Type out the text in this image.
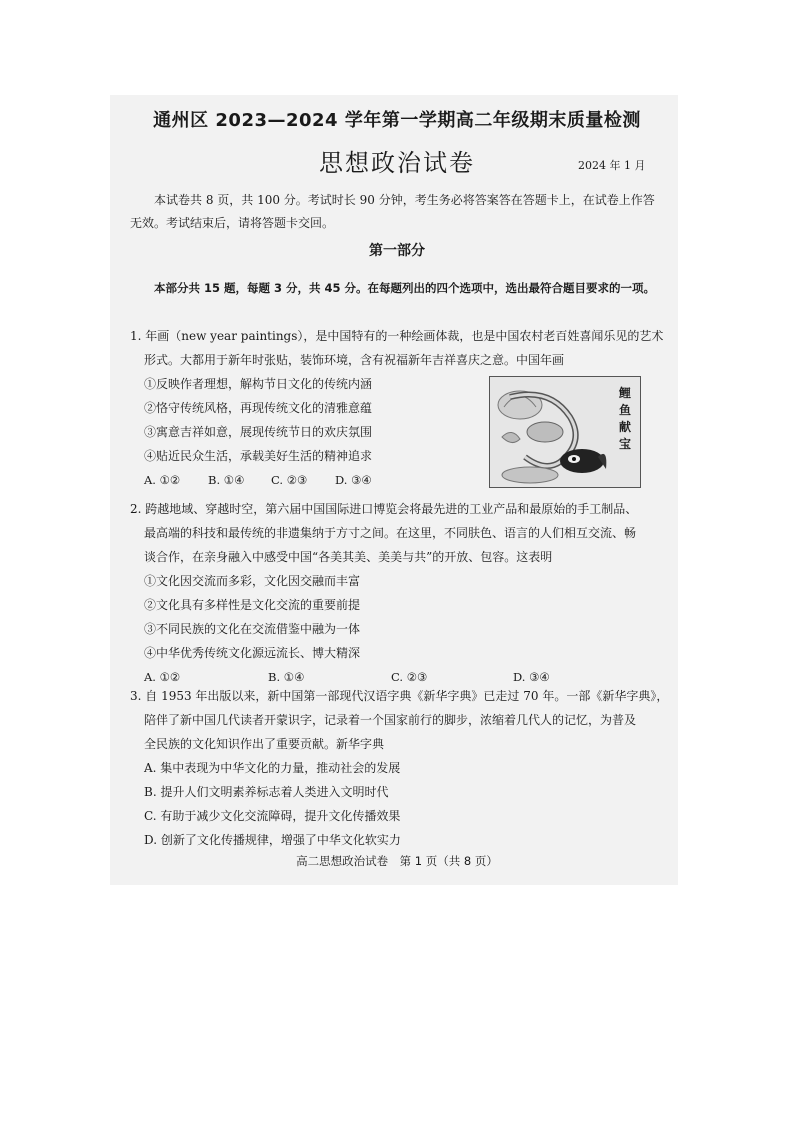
通州区 2023—2024 学年第一学期高二年级期末质量检测
思想政治试卷	2024 年 1 月
本试卷共 8 页，共 100 分。考试时长 90 分钟，考生务必将答案答在答题卡上，在试卷上作答无效。考试结束后，请将答题卡交回。
第一部分
本部分共 15 题，每题 3 分，共 45 分。在每题列出的四个选项中，选出最符合题目要求的一项。
1. 年画（new year paintings），是中国特有的一种绘画体裁，也是中国农村老百姓喜闻乐见的艺术
形式。大都用于新年时张贴，装饰环境，含有祝福新年吉祥喜庆之意。中国年画
①反映作者理想，解构节日文化的传统内涵
②恪守传统风格，再现传统文化的清雅意蕴
③寓意吉祥如意，展现传统节日的欢庆氛围
④贴近民众生活，承载美好生活的精神追求
A. ①② B. ①④ C. ②③ D. ③④
鲤鱼献宝
2. 跨越地域、穿越时空，第六届中国国际进口博览会将最先进的工业产品和最原始的手工制品、
最高端的科技和最传统的非遗集纳于方寸之间。在这里，不同肤色、语言的人们相互交流、畅
谈合作，在亲身融入中感受中国“各美其美、美美与共”的开放、包容。这表明
①文化因交流而多彩，文化因交融而丰富
②文化具有多样性是文化交流的重要前提
③不同民族的文化在交流借鉴中融为一体
④中华优秀传统文化源远流长、博大精深
A. ①②	B. ①④	C. ②③	D. ③④
3. 自 1953 年出版以来，新中国第一部现代汉语字典《新华字典》已走过 70 年。一部《新华字典》，
陪伴了新中国几代读者开蒙识字，记录着一个国家前行的脚步，浓缩着几代人的记忆，为普及
全民族的文化知识作出了重要贡献。新华字典
A. 集中表现为中华文化的力量，推动社会的发展
B. 提升人们文明素养标志着人类进入文明时代
C. 有助于减少文化交流障碍，提升文化传播效果
D. 创新了文化传播规律，增强了中华文化软实力
高二思想政治试卷　第 1 页（共 8 页）
